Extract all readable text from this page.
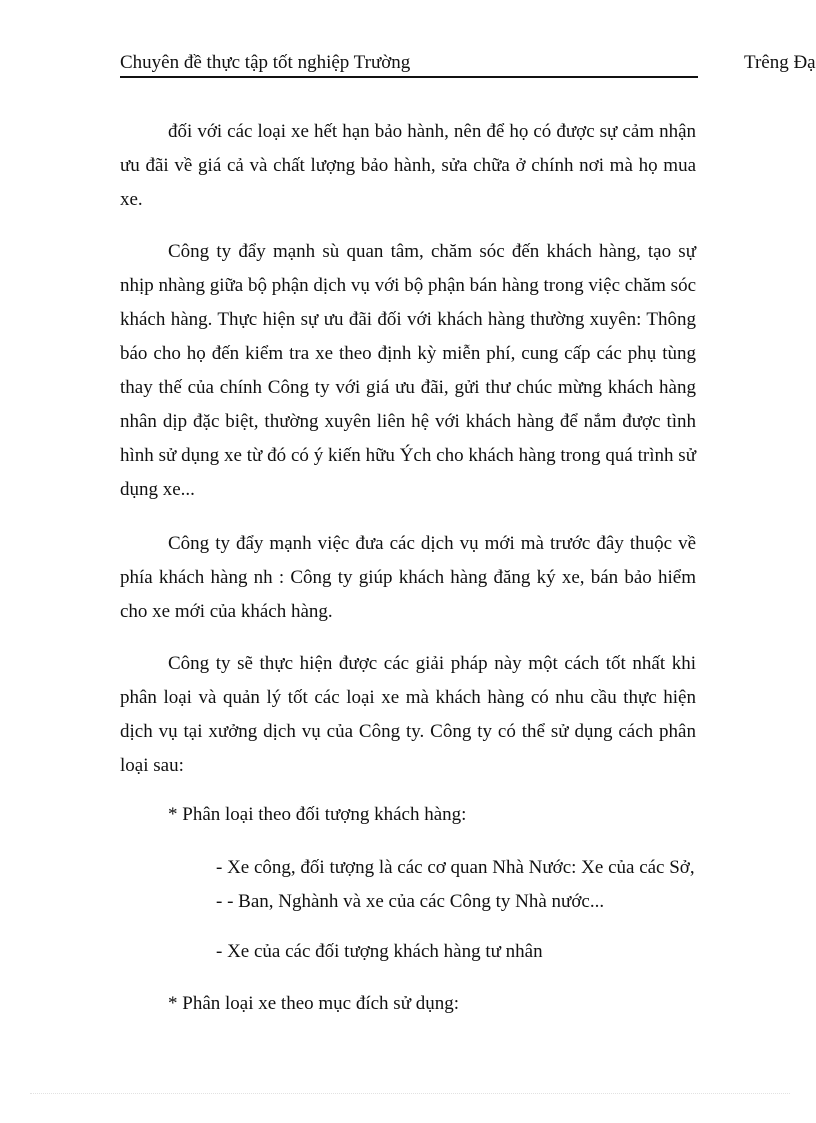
Chuyên đề thực tập tốt nghiệp Trường	Trêng Đạ

đối với các loại xe hết hạn bảo hành, nên để họ có được sự cảm nhận ưu đãi về giá cả và chất lượng bảo hành, sửa chữa ở chính nơi mà họ mua xe.

Công ty đẩy mạnh sù quan tâm, chăm sóc đến khách hàng, tạo sự nhịp nhàng giữa bộ phận dịch vụ với bộ phận bán hàng trong việc chăm sóc khách hàng. Thực hiện sự ưu đãi đối với khách hàng thường xuyên: Thông báo cho họ đến kiểm tra xe theo định kỳ miễn phí, cung cấp các phụ tùng thay thế của chính Công ty với giá ưu đãi, gửi thư chúc mừng khách hàng nhân dịp đặc biệt, thường xuyên liên hệ với khách hàng để nắm được tình hình sử dụng xe từ đó có ý kiến hữu Ých cho khách hàng trong quá trình sử dụng xe...

Công ty đẩy mạnh việc đưa các dịch vụ mới mà trước đây thuộc về phía khách hàng nh : Công ty giúp khách hàng đăng ký xe, bán bảo hiểm cho xe mới của khách hàng.

Công ty sẽ thực hiện được các giải pháp này một cách tốt nhất khi phân loại và quản lý tốt các loại xe mà khách hàng có nhu cầu thực hiện dịch vụ tại xưởng dịch vụ của Công ty. Công ty có thể sử dụng cách phân loại sau:

* Phân loại theo đối tượng khách hàng:

- Xe công, đối tượng là các cơ quan Nhà Nước: Xe của các Sở,

- - Ban, Nghành và xe của các Công ty Nhà nước...

- Xe của các đối tượng khách hàng tư nhân

* Phân loại xe theo mục đích sử dụng:
